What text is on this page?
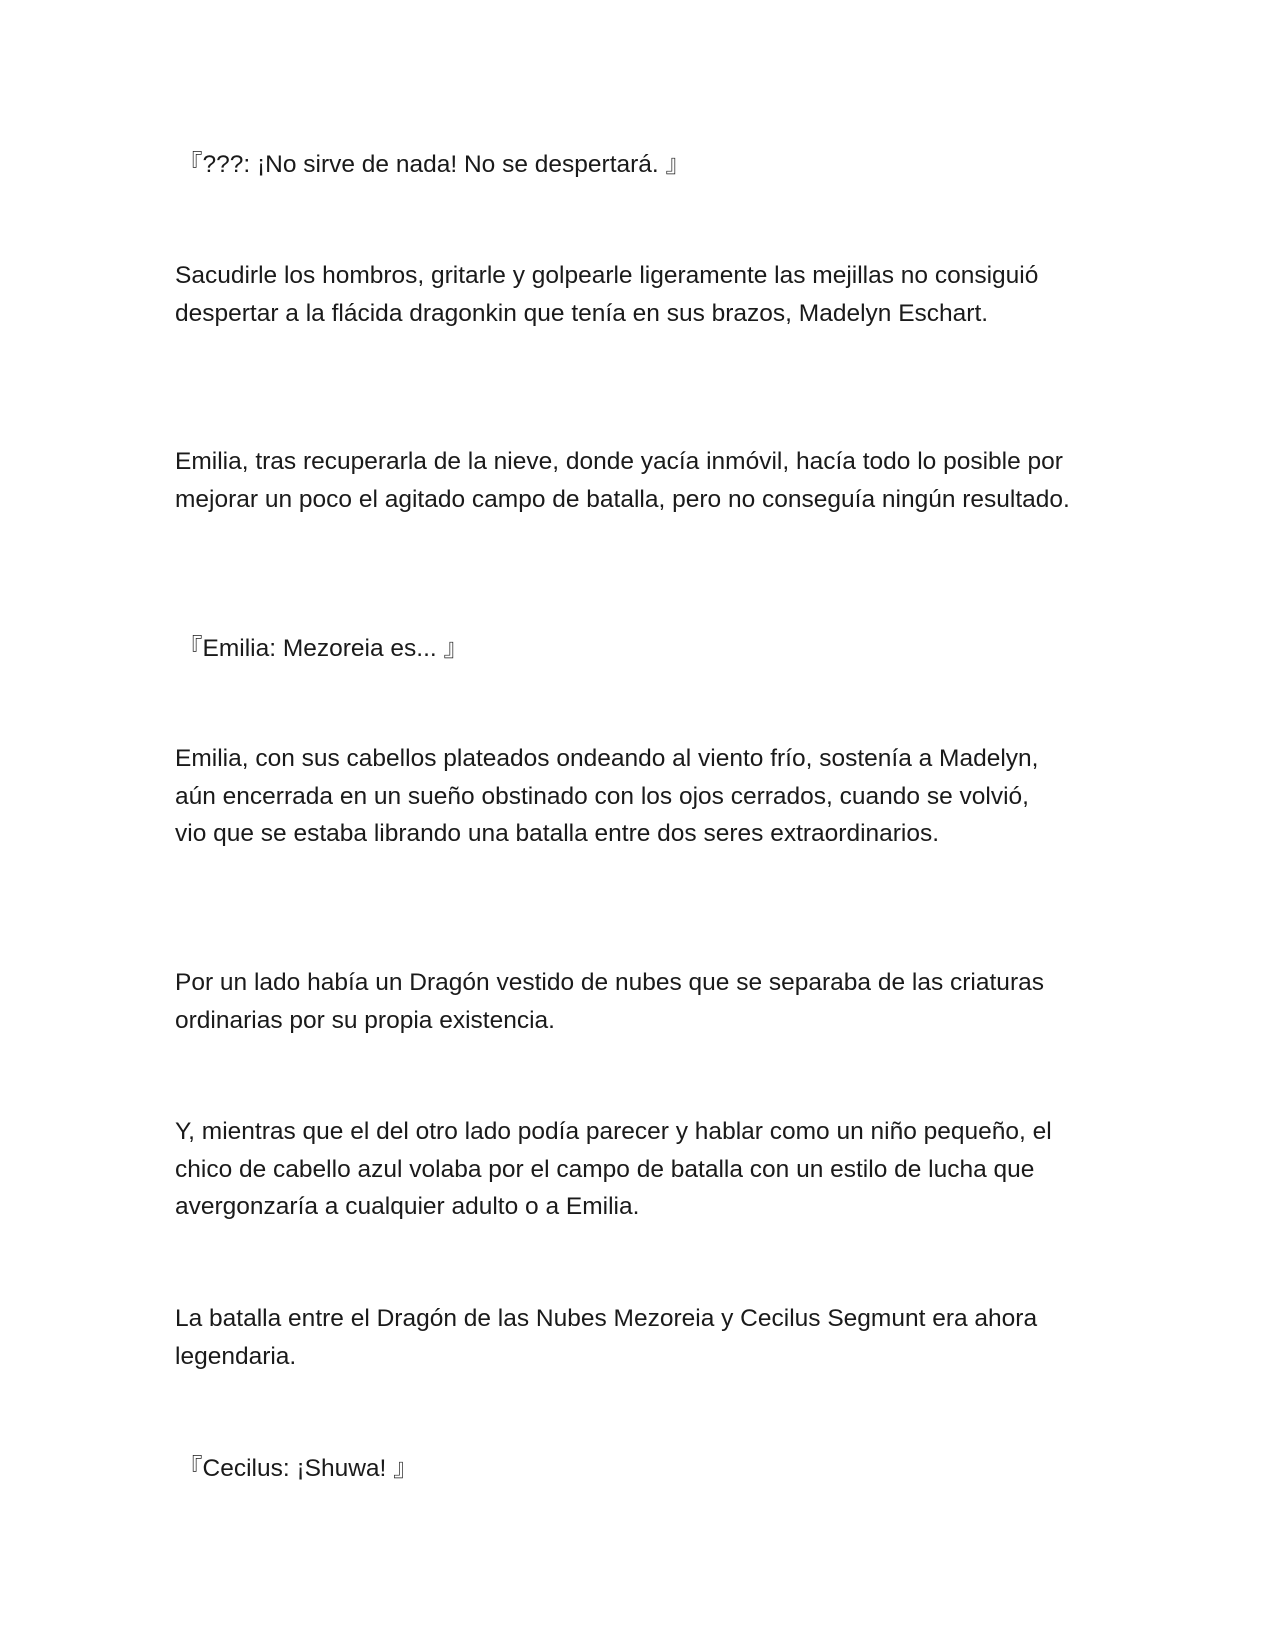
『???: ¡No sirve de nada! No se despertará. 』

Sacudirle los hombros, gritarle y golpearle ligeramente las mejillas no consiguió despertar a la flácida dragonkin que tenía en sus brazos, Madelyn Eschart.

Emilia, tras recuperarla de la nieve, donde yacía inmóvil, hacía todo lo posible por mejorar un poco el agitado campo de batalla, pero no conseguía ningún resultado.

『Emilia: Mezoreia es... 』

Emilia, con sus cabellos plateados ondeando al viento frío, sostenía a Madelyn, aún encerrada en un sueño obstinado con los ojos cerrados, cuando se volvió, vio que se estaba librando una batalla entre dos seres extraordinarios.

Por un lado había un Dragón vestido de nubes que se separaba de las criaturas ordinarias por su propia existencia.

Y, mientras que el del otro lado podía parecer y hablar como un niño pequeño, el chico de cabello azul volaba por el campo de batalla con un estilo de lucha que avergonzaría a cualquier adulto o a Emilia.

La batalla entre el Dragón de las Nubes Mezoreia y Cecilus Segmunt era ahora legendaria.

『Cecilus: ¡Shuwa! 』
